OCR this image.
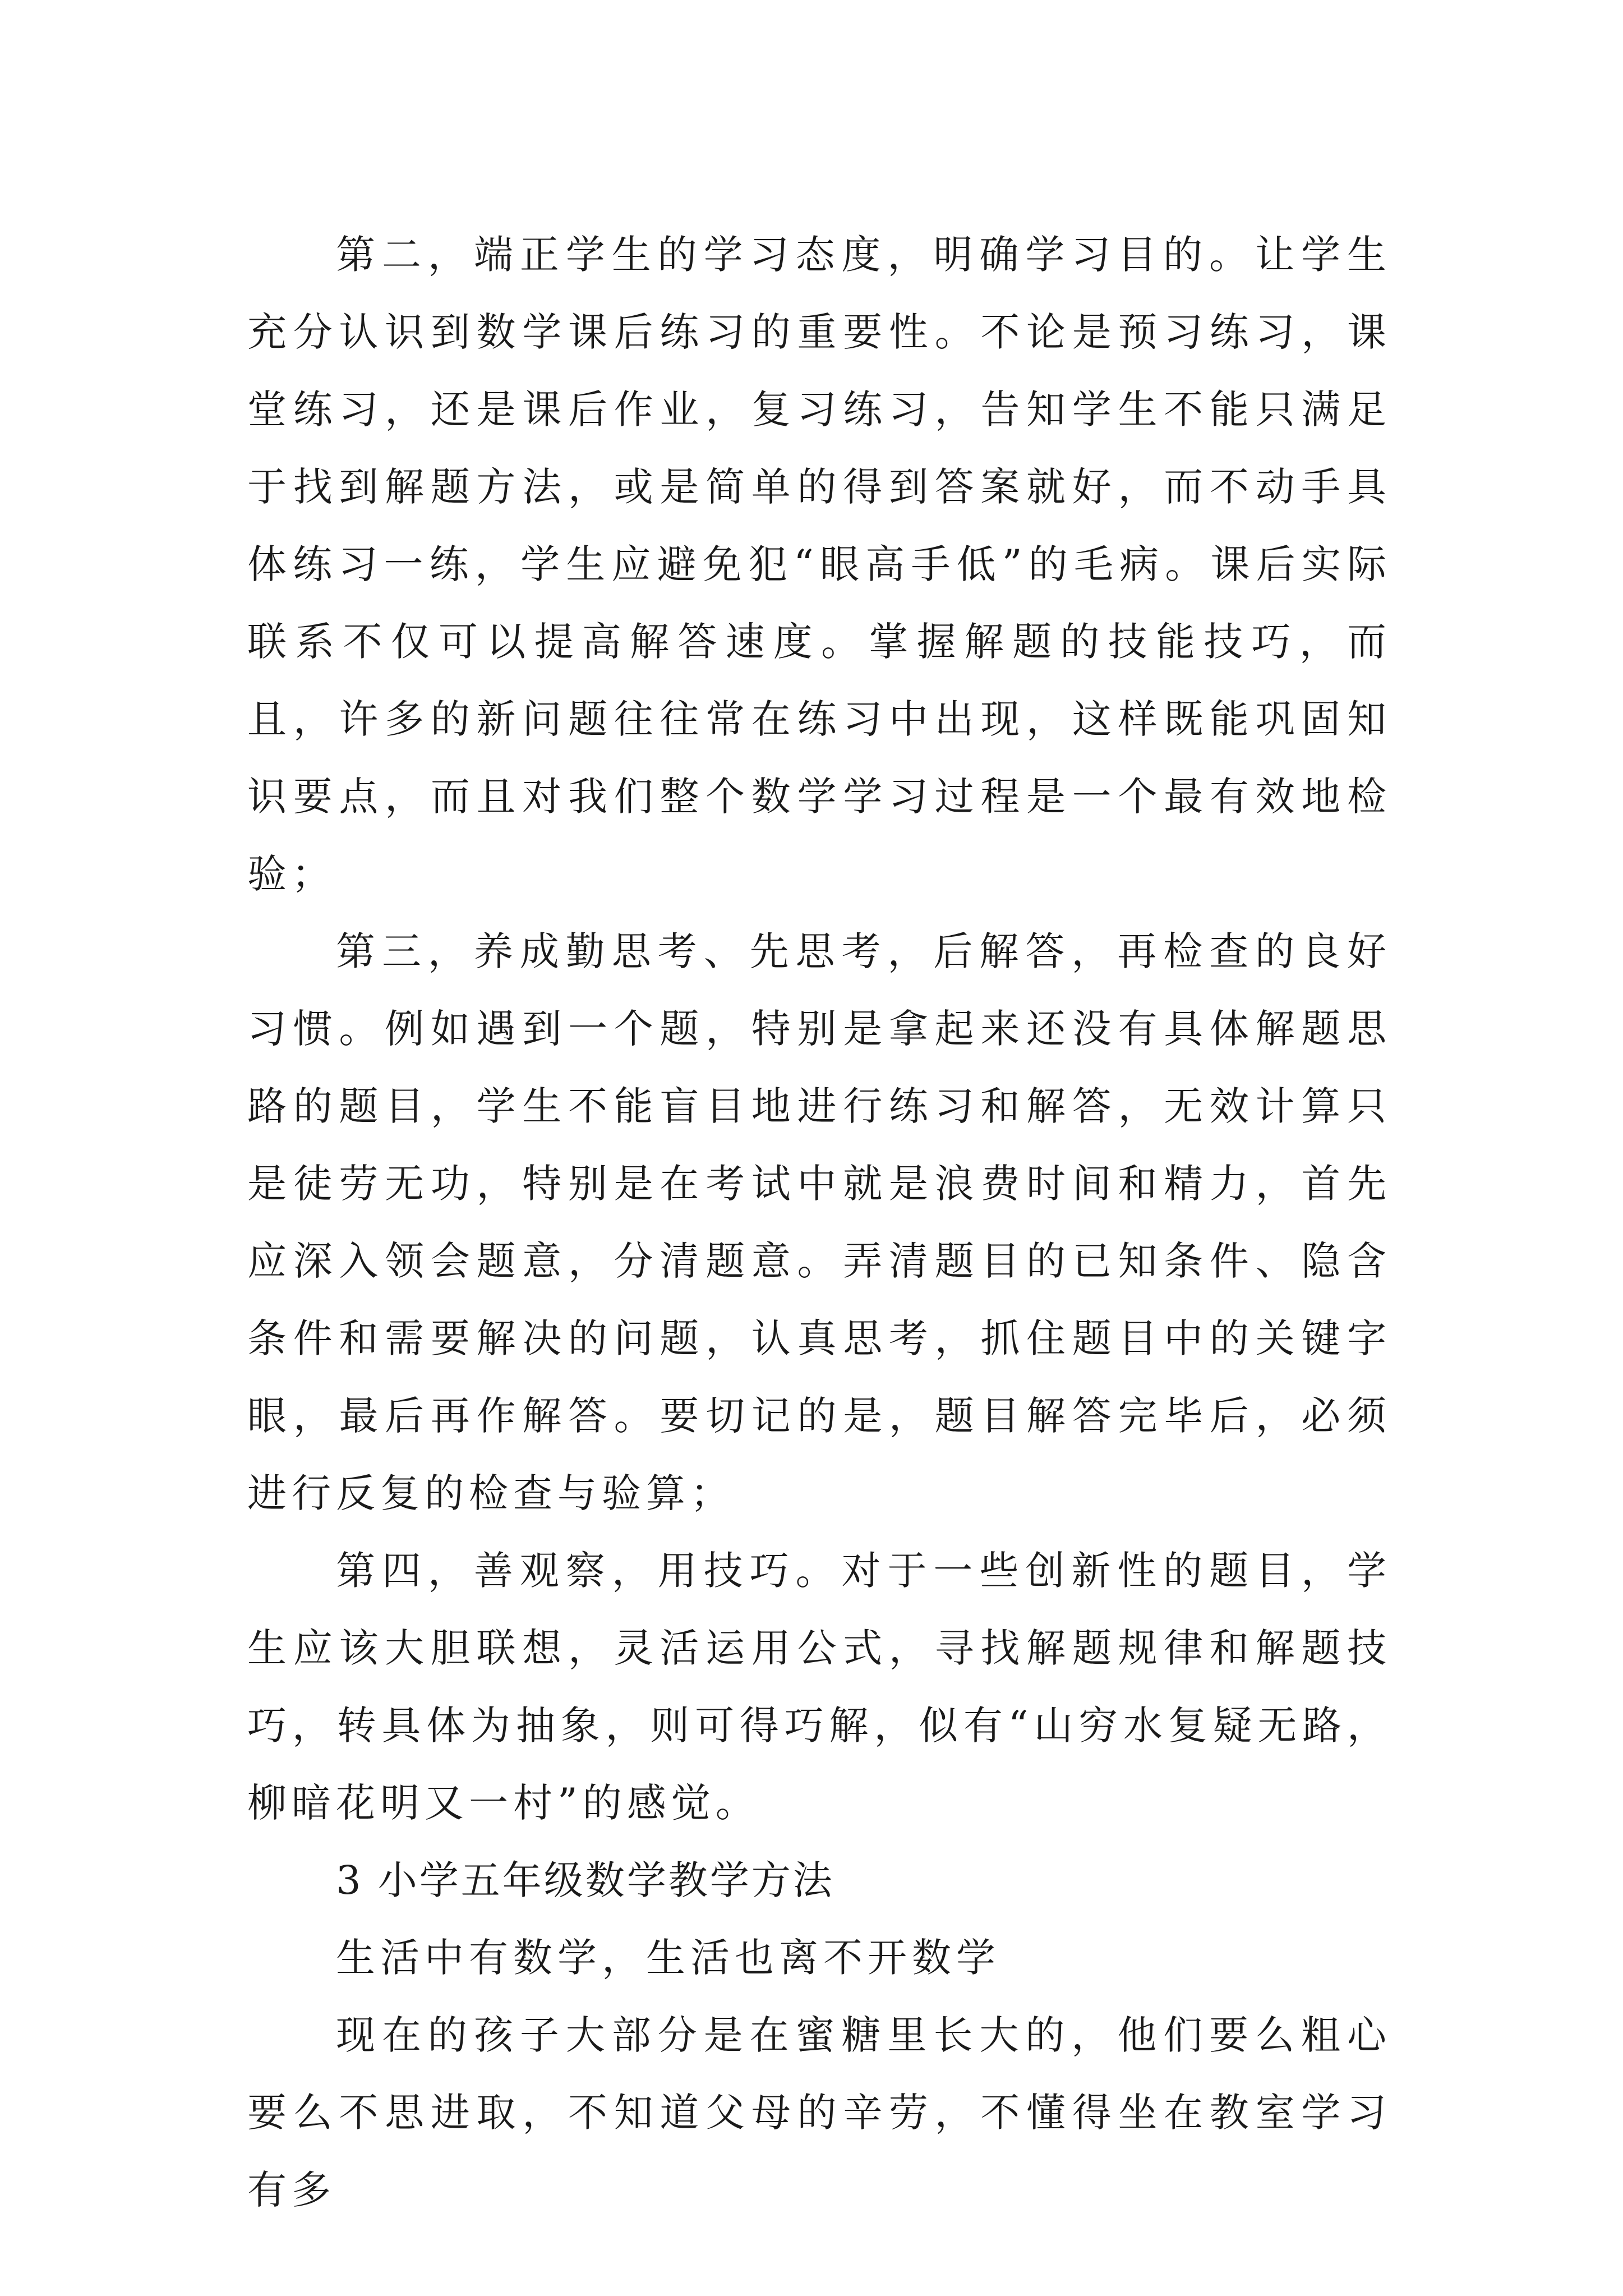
第二，端正学生的学习态度，明确学习目的。让学生充分认识到数学课后练习的重要性。不论是预习练习，课堂练习，还是课后作业，复习练习，告知学生不能只满足于找到解题方法，或是简单的得到答案就好，而不动手具体练习一练，学生应避免犯“眼高手低”的毛病。课后实际联系不仅可以提高解答速度。掌握解题的技能技巧，而且，许多的新问题往往常在练习中出现，这样既能巩固知识要点，而且对我们整个数学学习过程是一个最有效地检验；

第三，养成勤思考、先思考，后解答，再检查的良好习惯。例如遇到一个题，特别是拿起来还没有具体解题思路的题目，学生不能盲目地进行练习和解答，无效计算只是徒劳无功，特别是在考试中就是浪费时间和精力，首先应深入领会题意，分清题意。弄清题目的已知条件、隐含条件和需要解决的问题，认真思考，抓住题目中的关键字眼，最后再作解答。要切记的是，题目解答完毕后，必须进行反复的检查与验算；

第四，善观察，用技巧。对于一些创新性的题目，学生应该大胆联想，灵活运用公式，寻找解题规律和解题技巧，转具体为抽象，则可得巧解，似有“山穷水复疑无路，柳暗花明又一村”的感觉。

3 小学五年级数学教学方法

生活中有数学，生活也离不开数学

现在的孩子大部分是在蜜糖里长大的，他们要么粗心要么不思进取，不知道父母的辛劳，不懂得坐在教室学习有多
